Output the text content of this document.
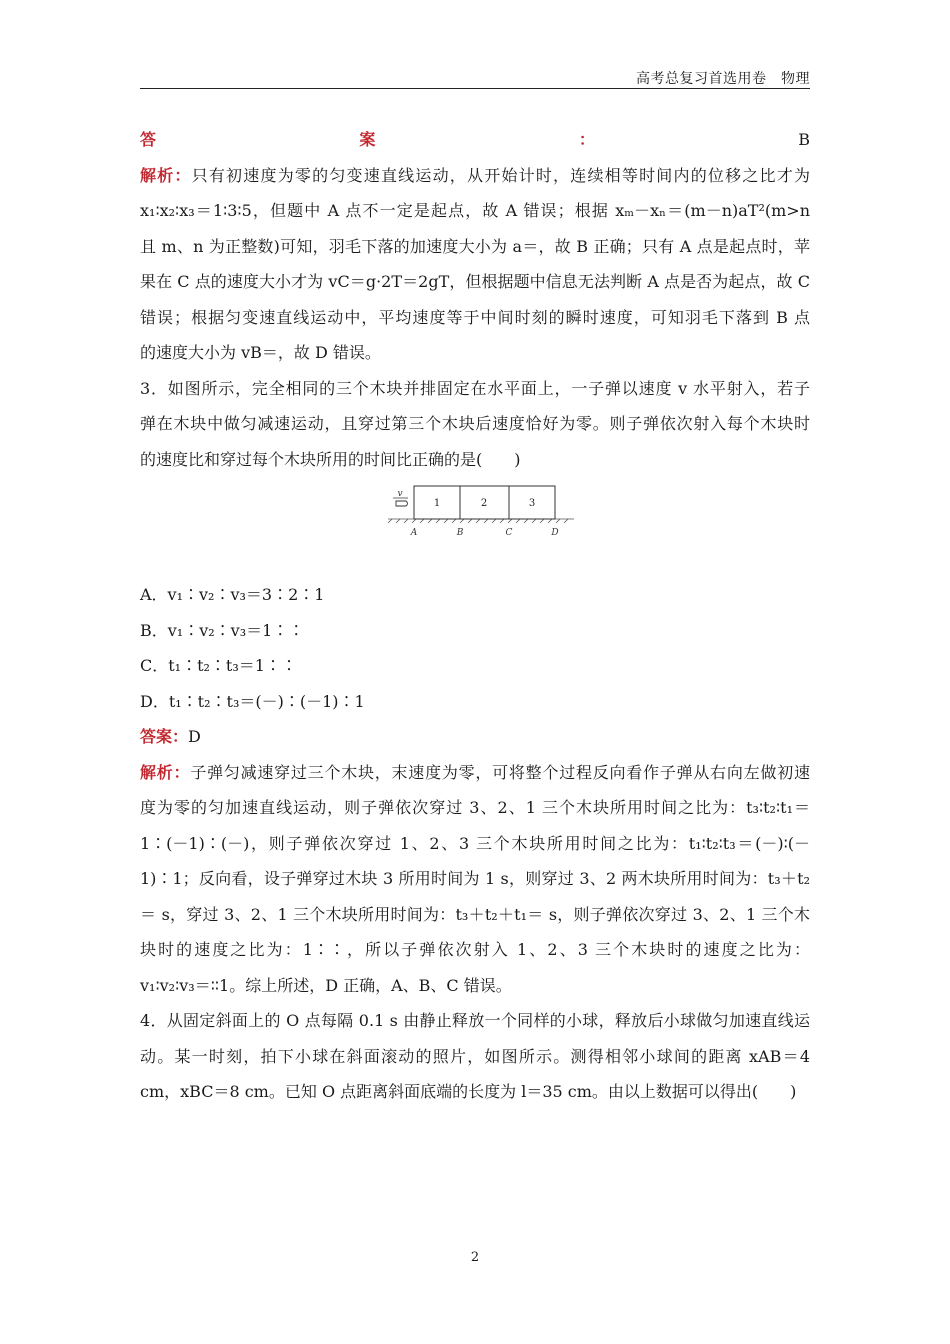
高考总复习首选用卷　物理
答案：B
解析：只有初速度为零的匀变速直线运动，从开始计时，连续相等时间内的位移之比才为
x₁∶x₂∶x₃＝1∶3∶5，但题中 A 点不一定是起点，故 A 错误；根据 xₘ－xₙ＝(m－n)aT²(m>n
且 m、n 为正整数)可知，羽毛下落的加速度大小为 a＝，故 B 正确；只有 A 点是起点时，苹
果在 C 点的速度大小才为 vC＝g·2T＝2gT，但根据题中信息无法判断 A 点是否为起点，故 C
错误；根据匀变速直线运动中，平均速度等于中间时刻的瞬时速度，可知羽毛下落到 B 点
的速度大小为 vB＝，故 D 错误。
3．如图所示，完全相同的三个木块并排固定在水平面上，一子弹以速度 v 水平射入，若子
弹在木块中做匀减速运动，且穿过第三个木块后速度恰好为零。则子弹依次射入每个木块时
的速度比和穿过每个木块所用的时间比正确的是(　　)
1	2	3
v
A	B	C	D
A．v₁∶v₂∶v₃＝3∶2∶1
B．v₁∶v₂∶v₃＝1∶∶
C．t₁∶t₂∶t₃＝1∶∶
D．t₁∶t₂∶t₃＝(－)∶(－1)∶1
答案：D
解析：子弹匀减速穿过三个木块，末速度为零，可将整个过程反向看作子弹从右向左做初速
度为零的匀加速直线运动，则子弹依次穿过 3、2、1 三个木块所用时间之比为：t₃∶t₂∶t₁＝
1∶(－1)∶(－)，则子弹依次穿过 1、2、3 三个木块所用时间之比为：t₁∶t₂∶t₃＝(－)∶(－
1)∶1；反向看，设子弹穿过木块 3 所用时间为 1 s，则穿过 3、2 两木块所用时间为：t₃＋t₂
＝ s，穿过 3、2、1 三个木块所用时间为：t₃＋t₂＋t₁＝ s，则子弹依次穿过 3、2、1 三个木
块时的速度之比为：1∶∶，所以子弹依次射入 1、2、3 三个木块时的速度之比为：
v₁∶v₂∶v₃＝∶∶1。综上所述，D 正确，A、B、C 错误。
4．从固定斜面上的 O 点每隔 0.1 s 由静止释放一个同样的小球，释放后小球做匀加速直线运
动。某一时刻，拍下小球在斜面滚动的照片，如图所示。测得相邻小球间的距离 xAB＝4
cm，xBC＝8 cm。已知 O 点距离斜面底端的长度为 l＝35 cm。由以上数据可以得出(　　)
2
